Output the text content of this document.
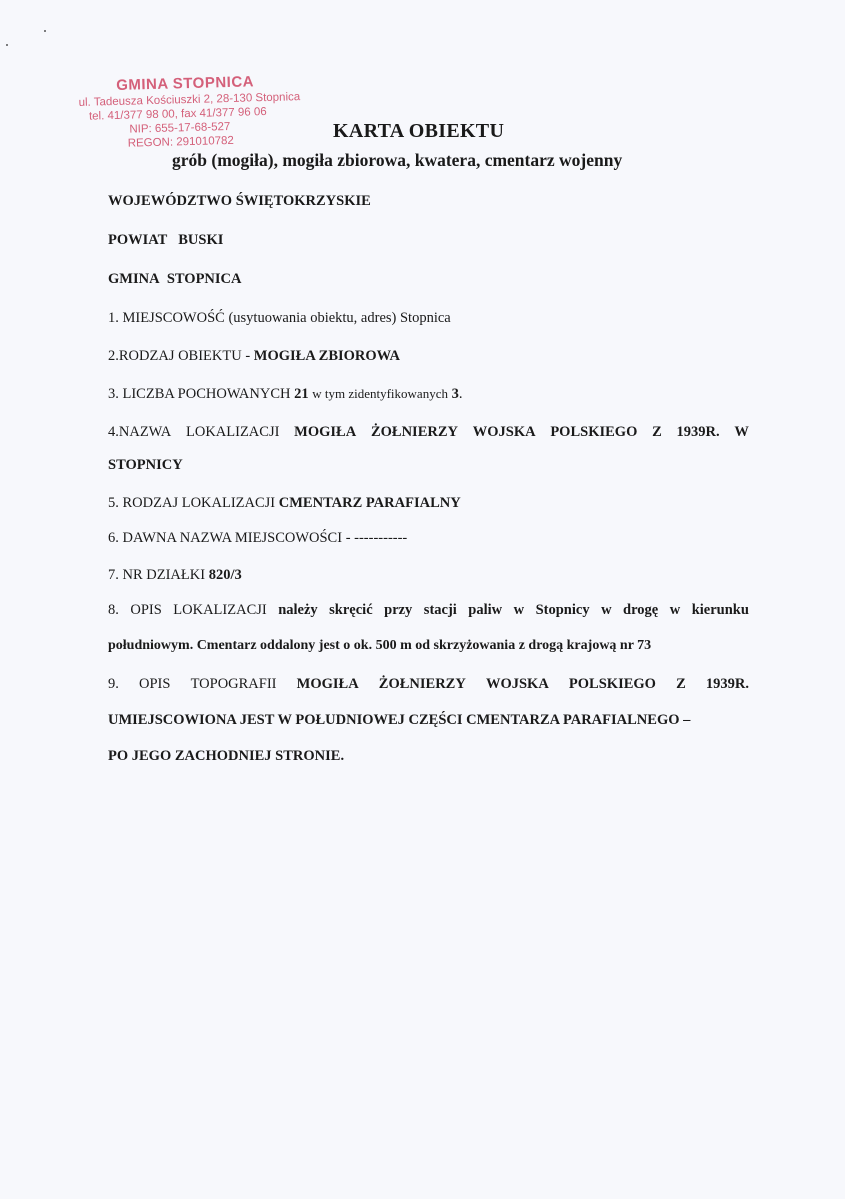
GMINA STOPNICA
ul. Tadeusza Kościuszki 2, 28-130 Stopnica
tel. 41/377 98 00, fax 41/377 96 06
NIP: 655-17-68-527
REGON: 291010782
KARTA OBIEKTU
grób (mogiła), mogiła zbiorowa, kwatera, cmentarz wojenny
WOJEWÓDZTWO ŚWIĘTOKRZYSKIE
POWIAT BUSKI
GMINA STOPNICA
1. MIEJSCOWOŚĆ (usytuowania obiektu, adres) Stopnica
2.RODZAJ OBIEKTU - MOGIŁA ZBIOROWA
3. LICZBA POCHOWANYCH 21 w tym zidentyfikowanych 3.
4.NAZWA LOKALIZACJI MOGIŁA ŻOŁNIERZY WOJSKA POLSKIEGO Z 1939R. W
STOPNICY
5. RODZAJ LOKALIZACJI CMENTARZ PARAFIALNY
6. DAWNA NAZWA MIEJSCOWOŚCI - -----------
7. NR DZIAŁKI 820/3
8. OPIS LOKALIZACJI należy skręcić przy stacji paliw w Stopnicy w drogę w kierunku
południowym. Cmentarz oddalony jest o ok. 500 m od skrzyżowania z drogą krajową nr 73
9. OPIS TOPOGRAFII MOGIŁA ŻOŁNIERZY WOJSKA POLSKIEGO Z 1939R.
UMIEJSCOWIONA JEST W POŁUDNIOWEJ CZĘŚCI CMENTARZA PARAFIALNEGO –
PO JEGO ZACHODNIEJ STRONIE.
